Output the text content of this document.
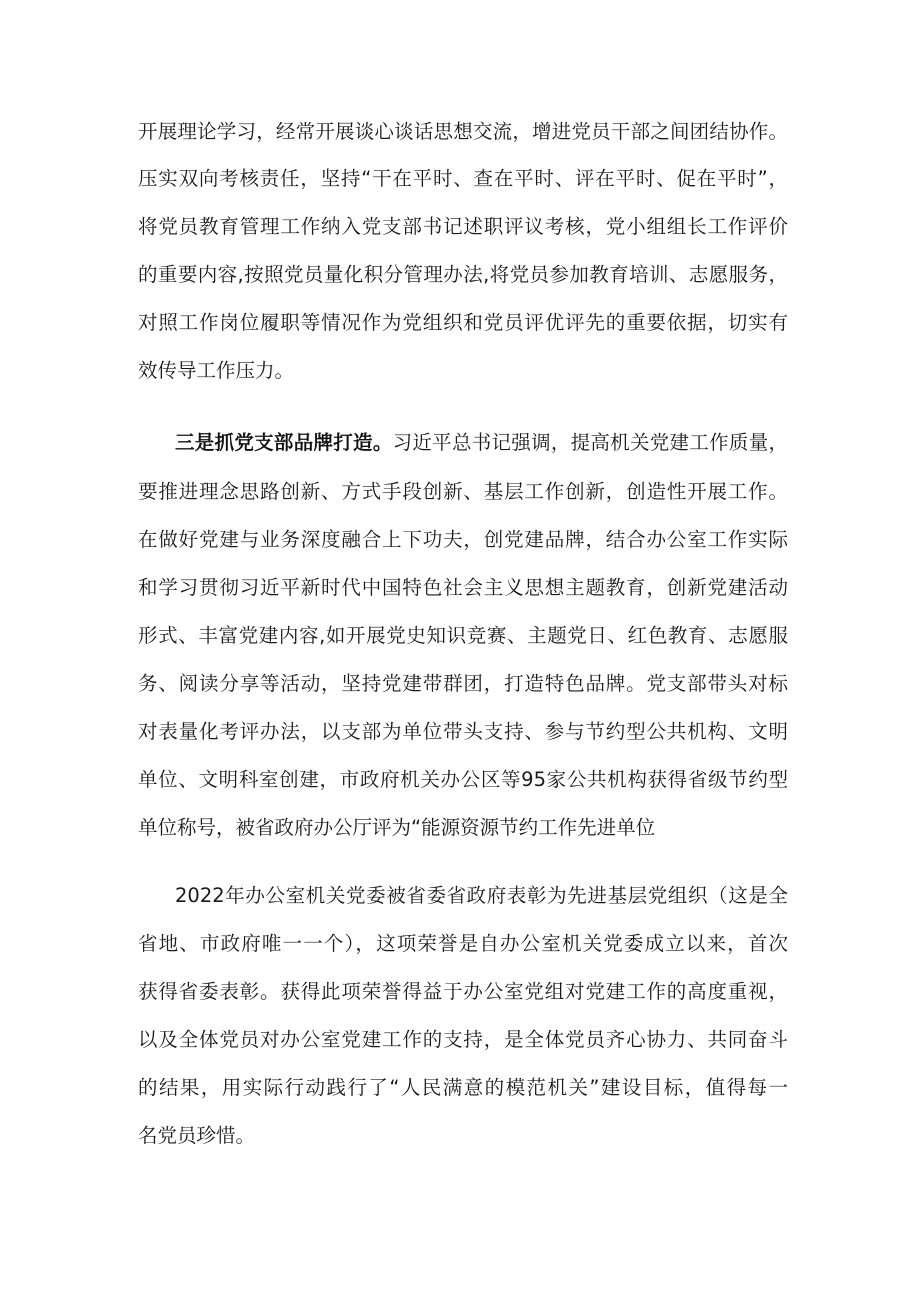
开展理论学习，经常开展谈心谈话思想交流，增进党员干部之间团结协作。
压实双向考核责任，坚持“干在平时、查在平时、评在平时、促在平时”，
将党员教育管理工作纳入党支部书记述职评议考核，党小组组长工作评价
的重要内容,按照党员量化积分管理办法,将党员参加教育培训、志愿服务，
对照工作岗位履职等情况作为党组织和党员评优评先的重要依据，切实有
效传导工作压力。
三是抓党支部品牌打造。习近平总书记强调，提高机关党建工作质量，
要推进理念思路创新、方式手段创新、基层工作创新，创造性开展工作。
在做好党建与业务深度融合上下功夫，创党建品牌，结合办公室工作实际
和学习贯彻习近平新时代中国特色社会主义思想主题教育，创新党建活动
形式、丰富党建内容,如开展党史知识竞赛、主题党日、红色教育、志愿服
务、阅读分享等活动，坚持党建带群团，打造特色品牌。党支部带头对标
对表量化考评办法，以支部为单位带头支持、参与节约型公共机构、文明
单位、文明科室创建，市政府机关办公区等95家公共机构获得省级节约型
单位称号，被省政府办公厅评为“能源资源节约工作先进单位
2022年办公室机关党委被省委省政府表彰为先进基层党组织（这是全
省地、市政府唯一一个），这项荣誉是自办公室机关党委成立以来，首次
获得省委表彰。获得此项荣誉得益于办公室党组对党建工作的高度重视，
以及全体党员对办公室党建工作的支持，是全体党员齐心协力、共同奋斗
的结果，用实际行动践行了“人民满意的模范机关”建设目标，值得每一
名党员珍惜。
